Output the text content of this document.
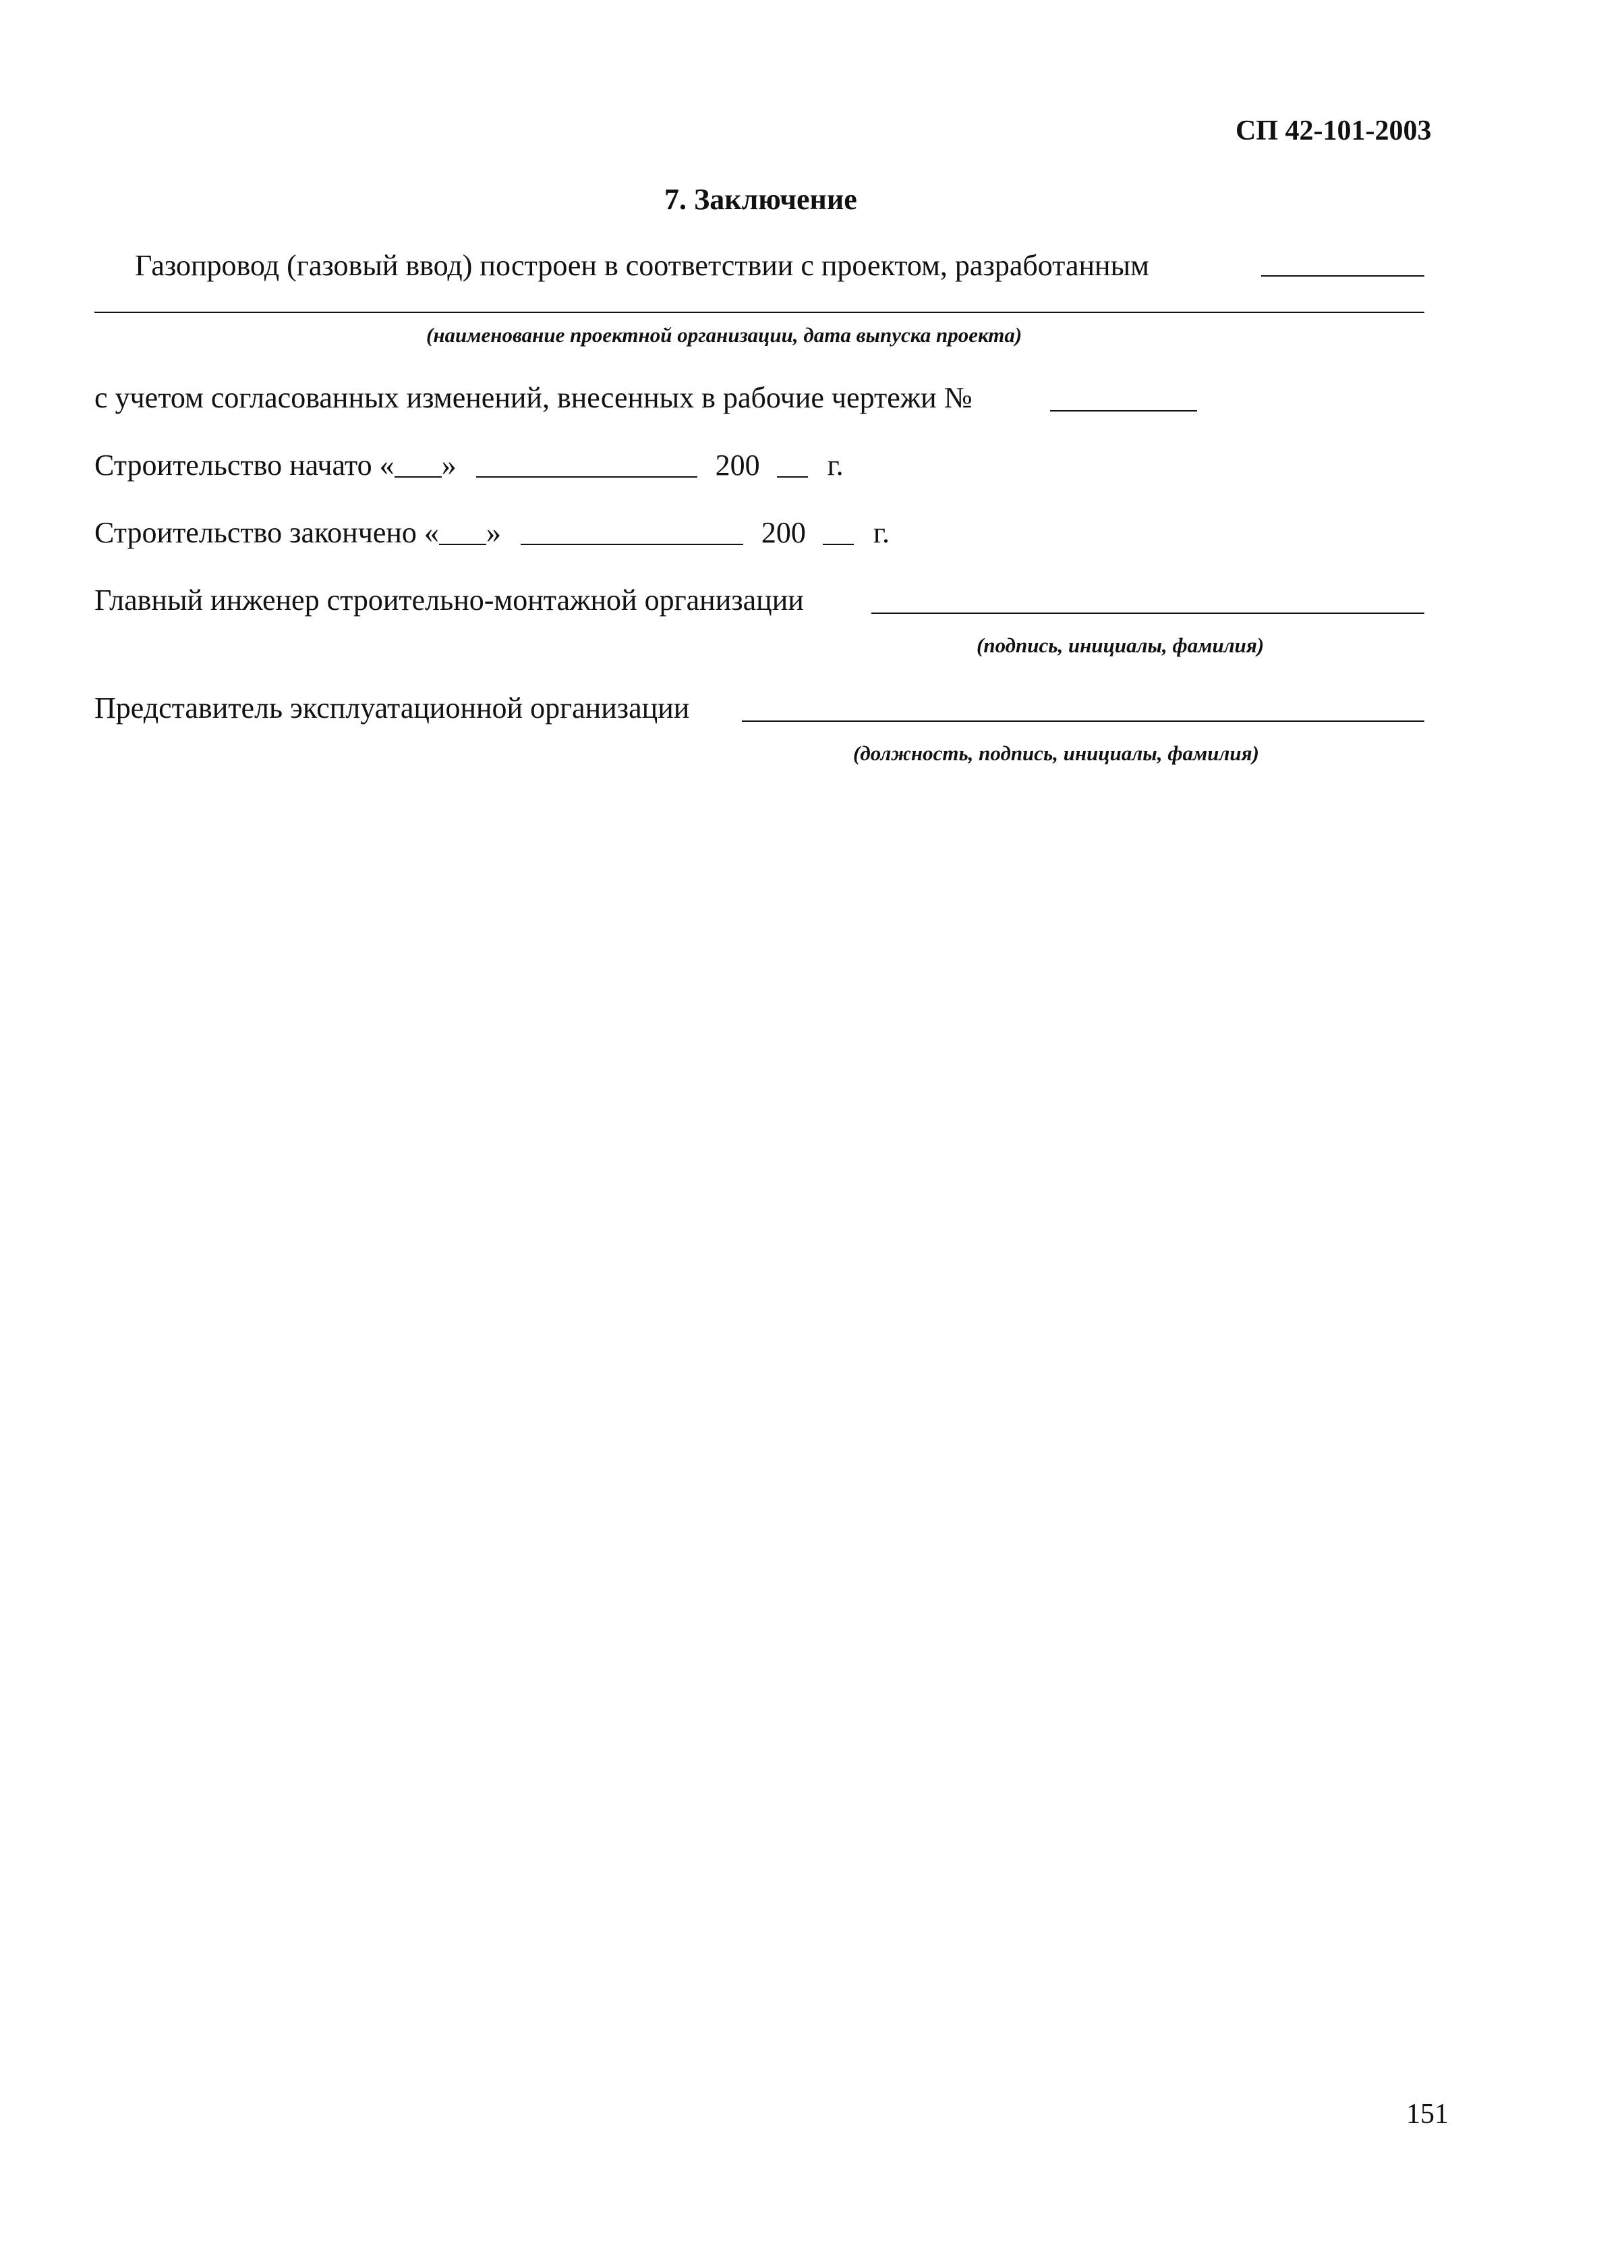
СП 42-101-2003
7. Заключение
Газопровод (газовый ввод) построен в соответствии с проектом, разработанным
(наименование проектной организации, дата выпуска проекта)
с учетом согласованных изменений, внесенных в рабочие чертежи №
Строительство начато « »	200 г.
Строительство закончено « »	200 г.
Главный инженер строительно-монтажной организации
(подпись, инициалы, фамилия)
Представитель эксплуатационной организации
(должность, подпись, инициалы, фамилия)
151
